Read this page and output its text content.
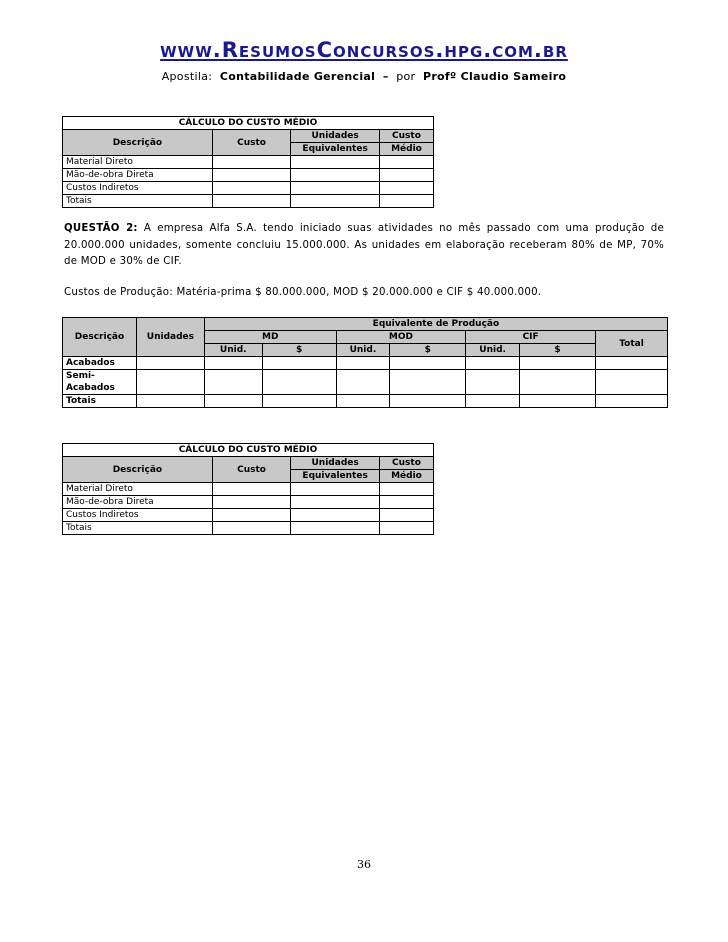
www.ResumosConcursos.hpg.com.br
Apostila: Contabilidade Gerencial – por Profº Claudio Sameiro
CÁLCULO DO CUSTO MÉDIO			
Descrição	Custo	Unidades	Custo
		Equivalentes	Médio
Material Direto			
Mão-de-obra Direta			
Custos Indiretos			
Totais			
QUESTÃO 2: A empresa Alfa S.A. tendo iniciado suas atividades no mês passado com uma produção de 20.000.000 unidades, somente concluiu 15.000.000. As unidades em elaboração receberam 80% de MP, 70% de MOD e 30% de CIF.
Custos de Produção: Matéria-prima $ 80.000.000, MOD $ 20.000.000 e CIF $ 40.000.000.
Descrição	Unidades	Equivalente de Produção						
		MD		MOD		CIF		Total
		Unid.	$	Unid.	$	Unid.	$	
Acabados								
Semi-
Acabados								
Totais								
CÁLCULO DO CUSTO MÉDIO			
Descrição	Custo	Unidades	Custo
		Equivalentes	Médio
Material Direto			
Mão-de-obra Direta			
Custos Indiretos			
Totais			
36
